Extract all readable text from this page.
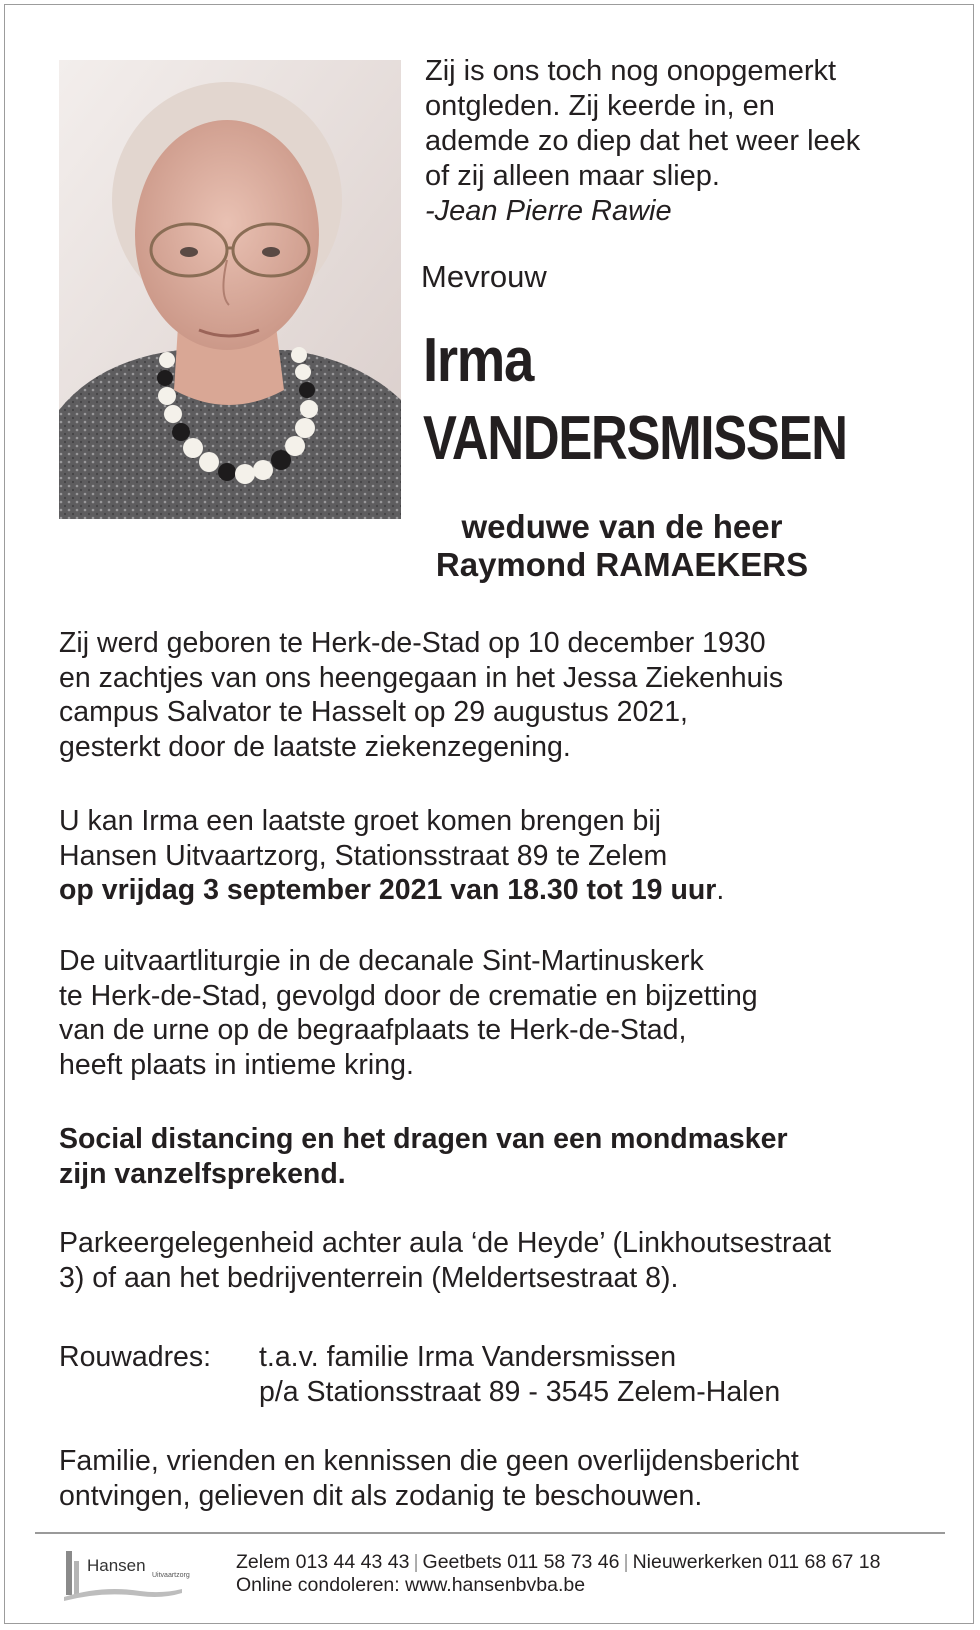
Zij is ons toch nog onopgemerkt
ontgleden. Zij keerde in, en
ademde zo diep dat het weer leek
of zij alleen maar sliep.
-Jean Pierre Rawie
Mevrouw
Irma
VANDERSMISSEN
weduwe van de heer
Raymond RAMAEKERS
Zij werd geboren te Herk-de-Stad op 10 december 1930
en zachtjes van ons heengegaan in het Jessa Ziekenhuis
campus Salvator te Hasselt op 29 augustus 2021,
gesterkt door de laatste ziekenzegening.
U kan Irma een laatste groet komen brengen bij
Hansen Uitvaartzorg, Stationsstraat 89 te Zelem
op vrijdag 3 september 2021 van 18.30 tot 19 uur.
De uitvaartliturgie in de decanale Sint-Martinuskerk
te Herk-de-Stad, gevolgd door de crematie en bijzetting
van de urne op de begraafplaats te Herk-de-Stad,
heeft plaats in intieme kring.
Social distancing en het dragen van een mondmasker
zijn vanzelfsprekend.
Parkeergelegenheid achter aula ‘de Heyde’ (Linkhoutsestraat
3) of aan het bedrijventerrein (Meldertsestraat 8).
Rouwadres: t.a.v. familie Irma Vandersmissen
p/a Stationsstraat 89 - 3545 Zelem-Halen
Familie, vrienden en kennissen die geen overlijdensbericht
ontvingen, gelieven dit als zodanig te beschouwen.
Hansen
Uitvaartzorg
Zelem 013 44 43 43 | Geetbets 011 58 73 46 | Nieuwerkerken 011 68 67 18
Online condoleren: www.hansenbvba.be
